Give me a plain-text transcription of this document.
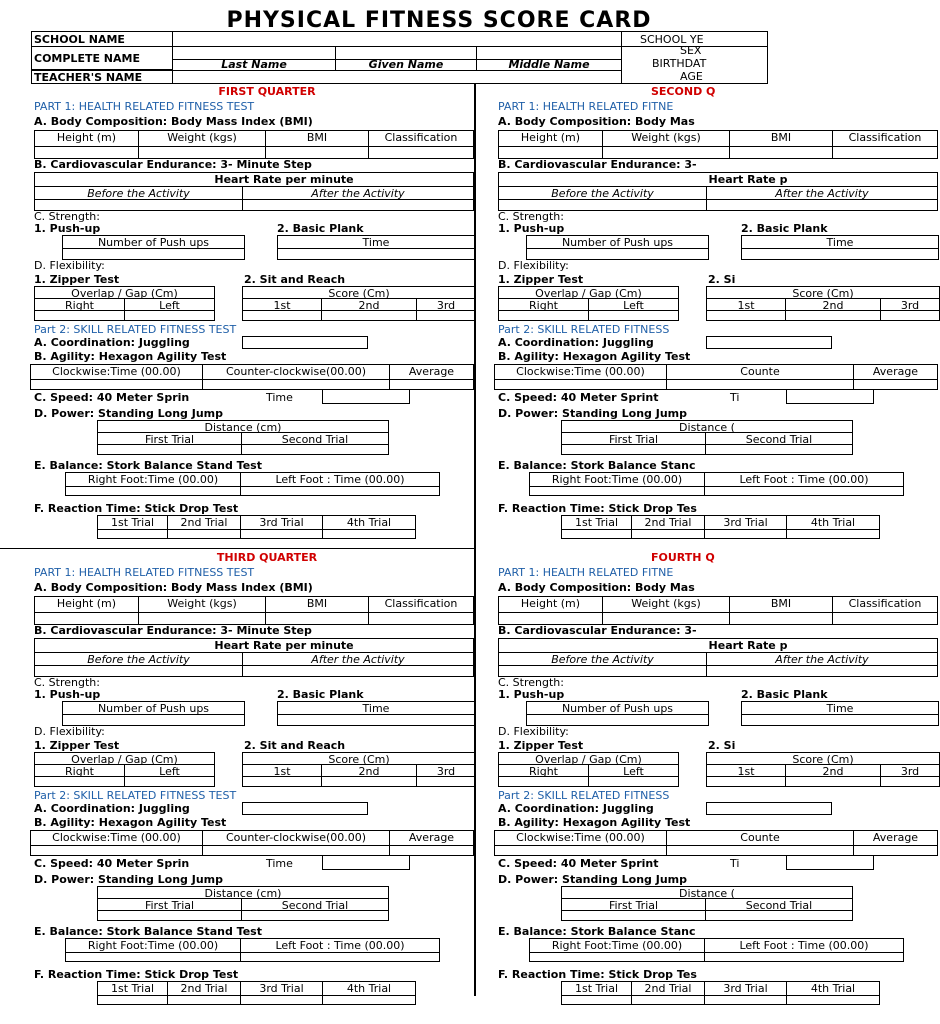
PHYSICAL FITNESS SCORE CARD
SCHOOL NAME
COMPLETE NAME	Last Name	Given Name	Middle Name
TEACHER'S NAME
SCHOOL YE
SEX
BIRTHDAT
AGE
FIRST QUARTER
PART 1: HEALTH RELATED FITNESS TEST
A. Body Composition: Body Mass Index (BMI)
Height (m)	Weight (kgs)	BMI	Classification
B. Cardiovascular Endurance: 3- Minute Step
Heart Rate per minute
Before the Activity	After the Activity
C. Strength:
1. Push-up	2. Basic Plank
Number of Push ups	Time
D. Flexibility:
1. Zipper Test	2. Sit and Reach
Overlap / Gap (Cm)
Right	Left
Score (Cm)
1st	2nd	3rd
Part 2: SKILL RELATED FITNESS TEST
A. Coordination: Juggling
B. Agility: Hexagon Agility Test
Clockwise:Time (00.00)	Counter-clockwise(00.00)	Average
C. Speed: 40 Meter Sprin	Time
D. Power: Standing Long Jump
Distance (cm)
First Trial	Second Trial
E. Balance: Stork Balance Stand Test
Right Foot:Time (00.00)	Left Foot : Time (00.00)
F. Reaction Time: Stick Drop Test
1st Trial	2nd Trial	3rd Trial	4th Trial
SECOND Q
PART 1: HEALTH RELATED FITNE
A. Body Composition: Body Mas
Height (m)	Weight (kgs)	BMI	Classification
B. Cardiovascular Endurance: 3-
Heart Rate p
Before the Activity	After the Activity
C. Strength:
1. Push-up	2. Basic Plank
Number of Push ups	Time
D. Flexibility:
1. Zipper Test	2. Si
Overlap / Gap (Cm)
Right	Left
Score (Cm)
1st	2nd	3rd
Part 2: SKILL RELATED FITNESS
A. Coordination: Juggling
B. Agility: Hexagon Agility Test
Clockwise:Time (00.00)	Counte	Average
C. Speed: 40 Meter Sprint	Ti
D. Power: Standing Long Jump
Distance (
First Trial	Second Trial
E. Balance: Stork Balance Stanc
Right Foot:Time (00.00)	Left Foot : Time (00.00)
F. Reaction Time: Stick Drop Tes
1st Trial	2nd Trial	3rd Trial	4th Trial
THIRD QUARTER
PART 1: HEALTH RELATED FITNESS TEST
A. Body Composition: Body Mass Index (BMI)
Height (m)	Weight (kgs)	BMI	Classification
B. Cardiovascular Endurance: 3- Minute Step
Heart Rate per minute
Before the Activity	After the Activity
C. Strength:
1. Push-up	2. Basic Plank
Number of Push ups	Time
D. Flexibility:
1. Zipper Test	2. Sit and Reach
Overlap / Gap (Cm)
Right	Left
Score (Cm)
1st	2nd	3rd
Part 2: SKILL RELATED FITNESS TEST
A. Coordination: Juggling
B. Agility: Hexagon Agility Test
Clockwise:Time (00.00)	Counter-clockwise(00.00)	Average
C. Speed: 40 Meter Sprin	Time
D. Power: Standing Long Jump
Distance (cm)
First Trial	Second Trial
E. Balance: Stork Balance Stand Test
Right Foot:Time (00.00)	Left Foot : Time (00.00)
F. Reaction Time: Stick Drop Test
1st Trial	2nd Trial	3rd Trial	4th Trial
FOURTH Q
PART 1: HEALTH RELATED FITNE
A. Body Composition: Body Mas
Height (m)	Weight (kgs)	BMI	Classification
B. Cardiovascular Endurance: 3-
Heart Rate p
Before the Activity	After the Activity
C. Strength:
1. Push-up	2. Basic Plank
Number of Push ups	Time
D. Flexibility:
1. Zipper Test	2. Si
Overlap / Gap (Cm)
Right	Left
Score (Cm)
1st	2nd	3rd
Part 2: SKILL RELATED FITNESS
A. Coordination: Juggling
B. Agility: Hexagon Agility Test
Clockwise:Time (00.00)	Counte	Average
C. Speed: 40 Meter Sprint	Ti
D. Power: Standing Long Jump
Distance (
First Trial	Second Trial
E. Balance: Stork Balance Stanc
Right Foot:Time (00.00)	Left Foot : Time (00.00)
F. Reaction Time: Stick Drop Tes
1st Trial	2nd Trial	3rd Trial	4th Trial
